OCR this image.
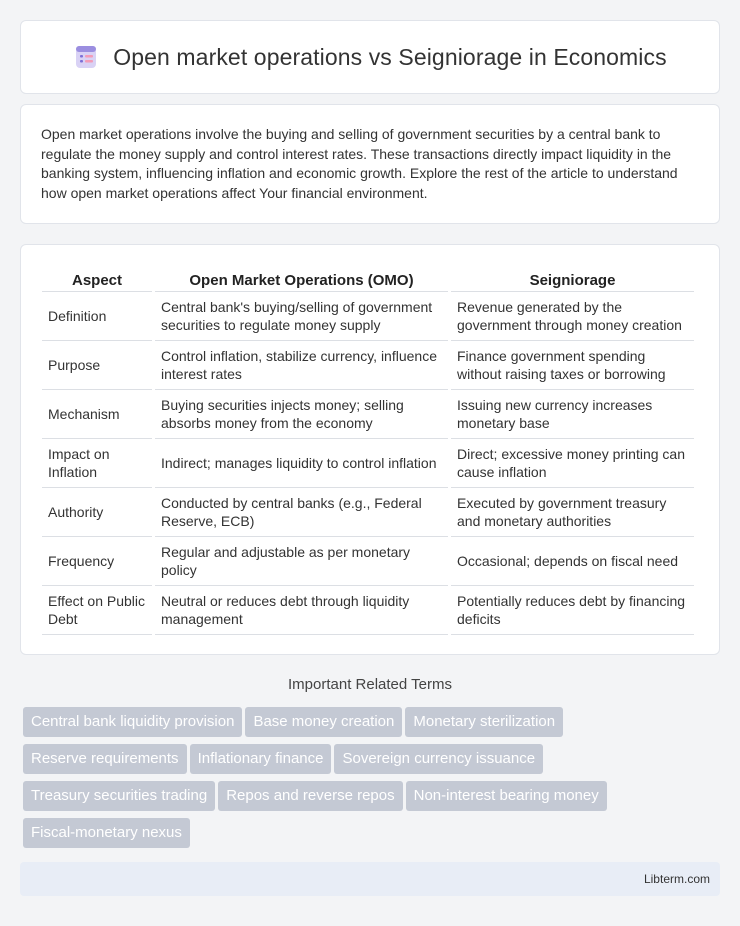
Open market operations vs Seigniorage in Economics

Open market operations involve the buying and selling of government securities by a central bank to regulate the money supply and control interest rates. These transactions directly impact liquidity in the banking system, influencing inflation and economic growth. Explore the rest of the article to understand how open market operations affect Your financial environment.

Aspect	Open Market Operations (OMO)	Seigniorage
Definition	Central bank's buying/selling of government securities to regulate money supply	Revenue generated by the government through money creation
Purpose	Control inflation, stabilize currency, influence interest rates	Finance government spending without raising taxes or borrowing
Mechanism	Buying securities injects money; selling absorbs money from the economy	Issuing new currency increases monetary base
Impact on Inflation	Indirect; manages liquidity to control inflation	Direct; excessive money printing can cause inflation
Authority	Conducted by central banks (e.g., Federal Reserve, ECB)	Executed by government treasury and monetary authorities
Frequency	Regular and adjustable as per monetary policy	Occasional; depends on fiscal need
Effect on Public Debt	Neutral or reduces debt through liquidity management	Potentially reduces debt by financing deficits
Important Related Terms
Central bank liquidity provision Base money creation Monetary sterilization
Reserve requirements Inflationary finance Sovereign currency issuance
Treasury securities trading Repos and reverse repos Non-interest bearing money
Fiscal-monetary nexus
Libterm.com
